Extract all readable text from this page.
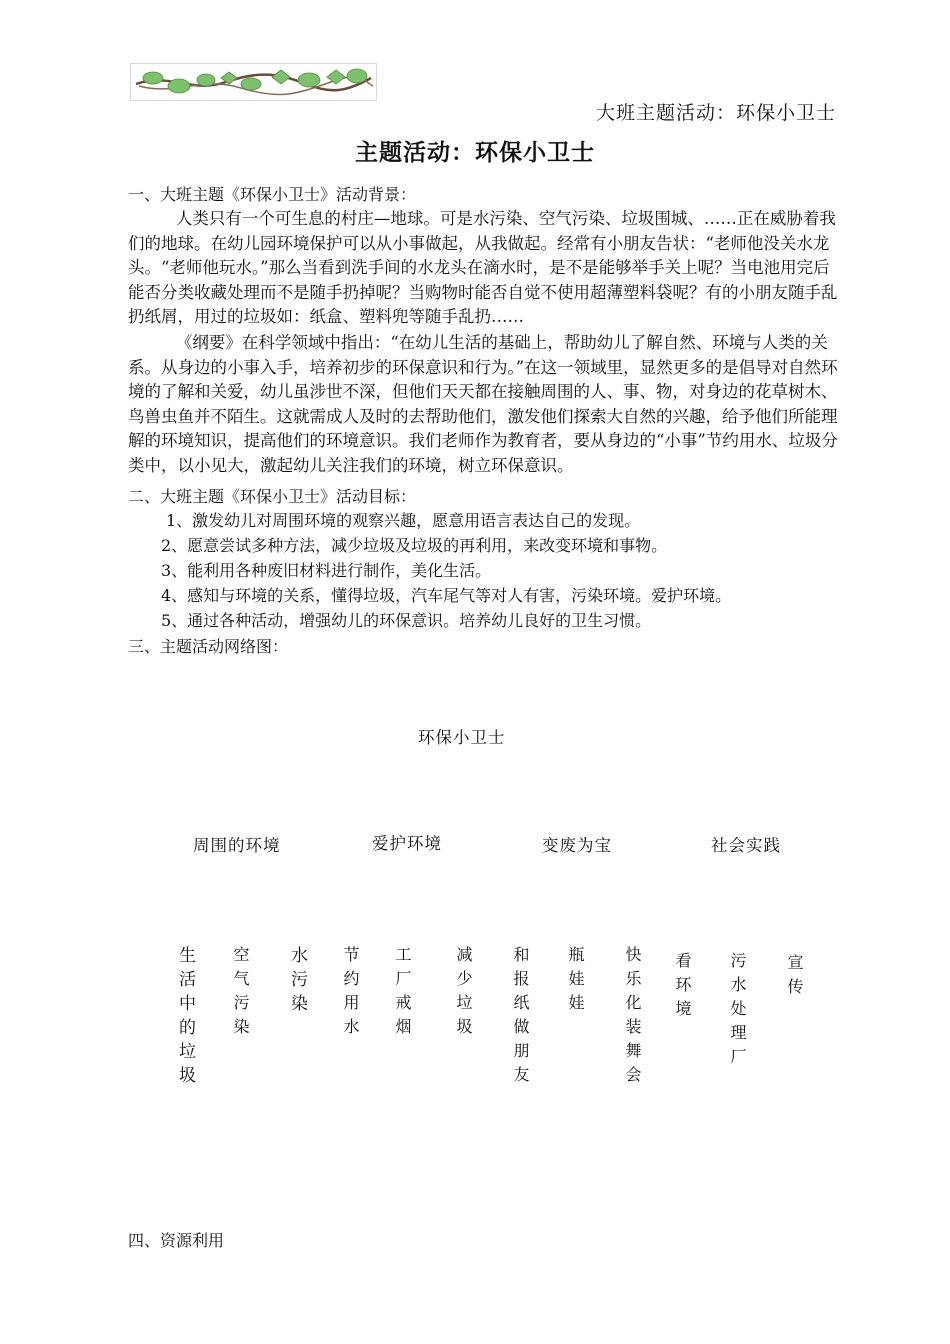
大班主题活动：环保小卫士
主题活动：环保小卫士
一、大班主题《环保小卫士》活动背景：

人类只有一个可生息的村庄—地球。可是水污染、空气污染、垃圾围城、……正在威胁着我们的地球。在幼儿园环境保护可以从小事做起，从我做起。经常有小朋友告状：“老师他没关水龙头。“老师他玩水。”那么当看到洗手间的水龙头在滴水时，是不是能够举手关上呢？当电池用完后能否分类收藏处理而不是随手扔掉呢？当购物时能否自觉不使用超薄塑料袋呢？有的小朋友随手乱扔纸屑，用过的垃圾如：纸盒、塑料兜等随手乱扔……

《纲要》在科学领域中指出：“在幼儿生活的基础上，帮助幼儿了解自然、环境与人类的关系。从身边的小事入手，培养初步的环保意识和行为。”在这一领域里，显然更多的是倡导对自然环境的了解和关爱，幼儿虽涉世不深，但他们天天都在接触周围的人、事、物，对身边的花草树木、鸟兽虫鱼并不陌生。这就需成人及时的去帮助他们，激发他们探索大自然的兴趣，给予他们所能理解的环境知识，提高他们的环境意识。我们老师作为教育者，要从身边的“小事”节约用水、垃圾分类中，以小见大，激起幼儿关注我们的环境，树立环保意识。

二、大班主题《环保小卫士》活动目标：
1、激发幼儿对周围环境的观察兴趣，愿意用语言表达自己的发现。
2、愿意尝试多种方法，减少垃圾及垃圾的再利用，来改变环境和事物。
3、能利用各种废旧材料进行制作，美化生活。
4、感知与环境的关系，懂得垃圾，汽车尾气等对人有害，污染环境。爱护环境。
5、通过各种活动，增强幼儿的环保意识。培养幼儿良好的卫生习惯。
三、主题活动网络图：
环保小卫士
周围的环境	爱护环境	变废为宝	社会实践
生活中的垃圾 空气污染 水污染 节约用水 工厂戒烟	减少垃圾 和报纸做朋友 瓶娃娃 快乐化装舞会 看环境 污水处理厂 宣传
四、资源利用
